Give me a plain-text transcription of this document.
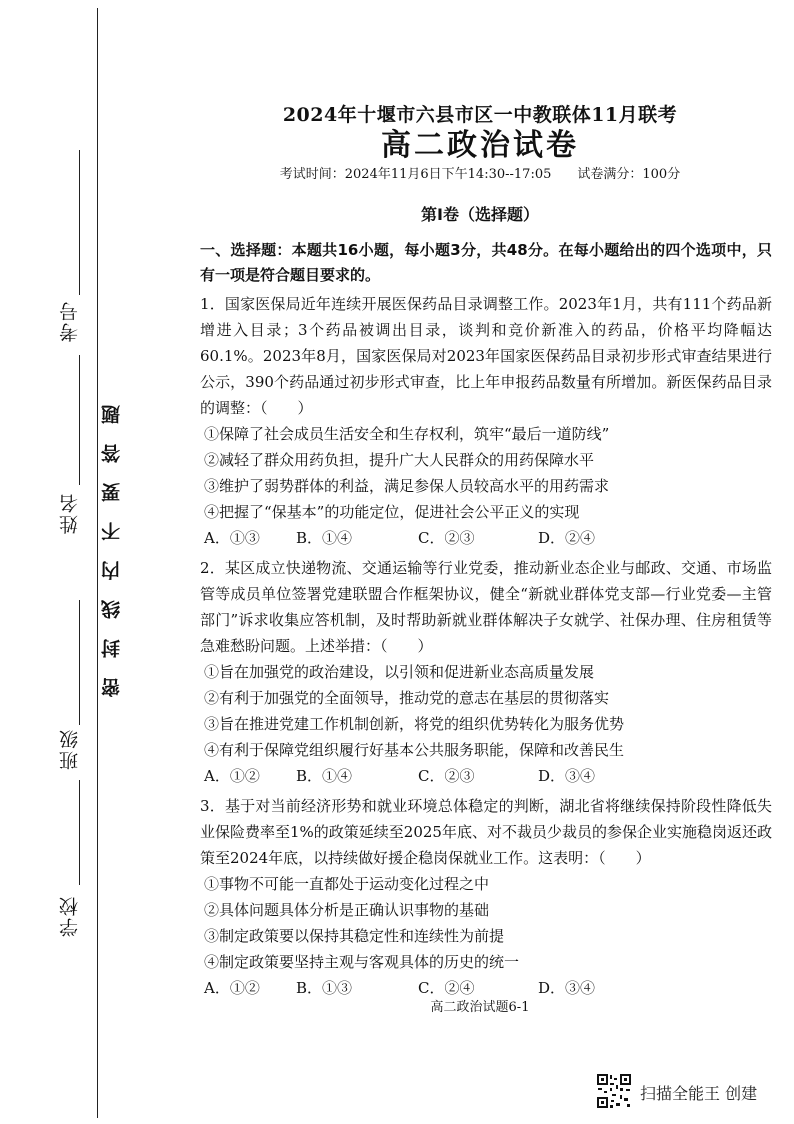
学校
班级
姓名
考号
密封线内不要答题
2024年十堰市六县市区一中教联体11月联考
高二政治试卷
考试时间：2024年11月6日下午14:30--17:05 试卷满分：100分
第Ⅰ卷（选择题）

一、选择题：本题共16小题，每小题3分，共48分。在每小题给出的四个选项中，只有一项是符合题目要求的。

1．国家医保局近年连续开展医保药品目录调整工作。2023年1月，共有111个药品新增进入目录；3个药品被调出目录，谈判和竞价新准入的药品，价格平均降幅达60.1%。2023年8月，国家医保局对2023年国家医保药品目录初步形式审查结果进行公示，390个药品通过初步形式审查，比上年申报药品数量有所增加。新医保药品目录的调整：（　　）

①保障了社会成员生活安全和生存权利，筑牢“最后一道防线”

②减轻了群众用药负担，提升广大人民群众的用药保障水平

③维护了弱势群体的利益，满足参保人员较高水平的用药需求

④把握了“保基本”的功能定位，促进社会公平正义的实现

A．①③	B．①④	C．②③	D．②④

2．某区成立快递物流、交通运输等行业党委，推动新业态企业与邮政、交通、市场监管等成员单位签署党建联盟合作框架协议，健全“新就业群体党支部—行业党委—主管部门”诉求收集应答机制，及时帮助新就业群体解决子女就学、社保办理、住房租赁等急难愁盼问题。上述举措：（　　）

①旨在加强党的政治建设，以引领和促进新业态高质量发展

②有利于加强党的全面领导，推动党的意志在基层的贯彻落实

③旨在推进党建工作机制创新，将党的组织优势转化为服务优势

④有利于保障党组织履行好基本公共服务职能，保障和改善民生

A．①②	B．①④	C．②③	D．③④

3．基于对当前经济形势和就业环境总体稳定的判断，湖北省将继续保持阶段性降低失业保险费率至1%的政策延续至2025年底、对不裁员少裁员的参保企业实施稳岗返还政策至2024年底，以持续做好援企稳岗保就业工作。这表明：（　　）

①事物不可能一直都处于运动变化过程之中

②具体问题具体分析是正确认识事物的基础

③制定政策要以保持其稳定性和连续性为前提

④制定政策要坚持主观与客观具体的历史的统一

A．①②	B．①③	C．②④	D．③④
高二政治试题6-1
扫描全能王 创建
